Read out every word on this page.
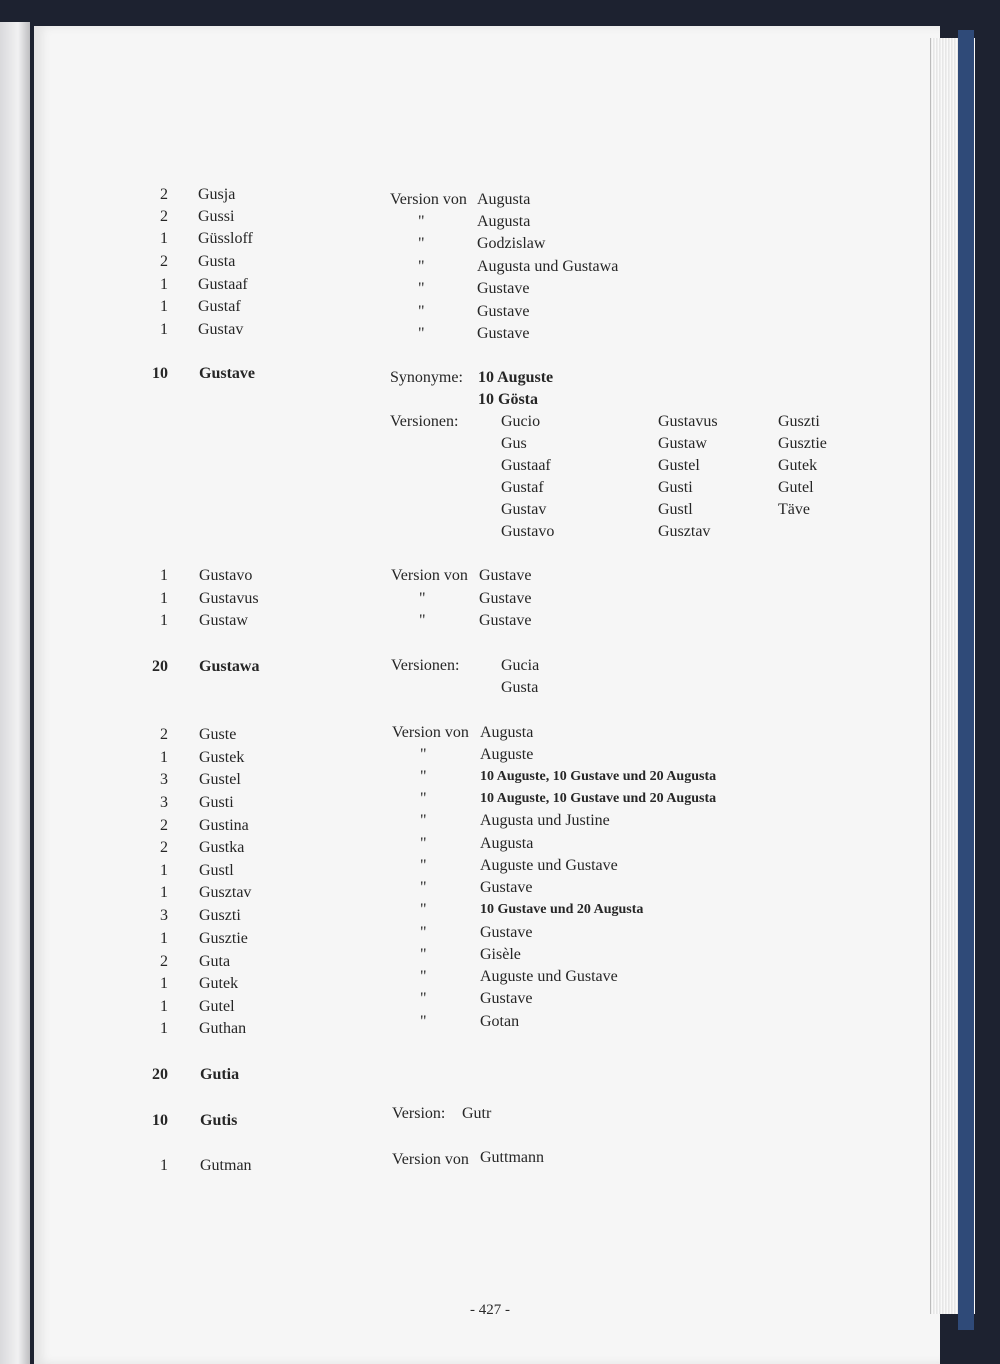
2 Gusja	Version von Augusta
2 Gussi	"	Augusta
1 Güssloff	"	Godzislaw
2 Gusta	"	Augusta und Gustawa
1 Gustaaf	"	Gustave
1 Gustaf	"	Gustave
1 Gustav	"	Gustave
10 Gustave	Synonyme: 10 Auguste
10 Gösta
Versionen:	Gucio	Gustavus	Guszti
Gus	Gustaw	Gusztie
Gustaaf	Gustel	Gutek
Gustaf	Gusti	Gutel
Gustav	Gustl	Täve
Gustavo	Gusztav
1 Gustavo	Version von Gustave
1 Gustavus	"	Gustave
1 Gustaw	"	Gustave
20 Gustawa	Versionen:	Gucia
Gusta
2 Guste	Version von Augusta
1 Gustek	"	Auguste
3 Gustel	"	10 Auguste, 10 Gustave und 20 Augusta
3 Gusti	"	10 Auguste, 10 Gustave und 20 Augusta
2 Gustina	"	Augusta und Justine
2 Gustka	"	Augusta
1 Gustl	"	Auguste und Gustave
1 Gusztav	"	Gustave
3 Guszti	"	10 Gustave und 20 Augusta
1 Gusztie	"	Gustave
2 Guta	"	Gisèle
1 Gutek	"	Auguste und Gustave
1 Gutel	"	Gustave
1 Guthan	"	Gotan
20 Gutia
10 Gutis	Version: Gutr
1 Gutman	Version von Guttmann
- 427 -
